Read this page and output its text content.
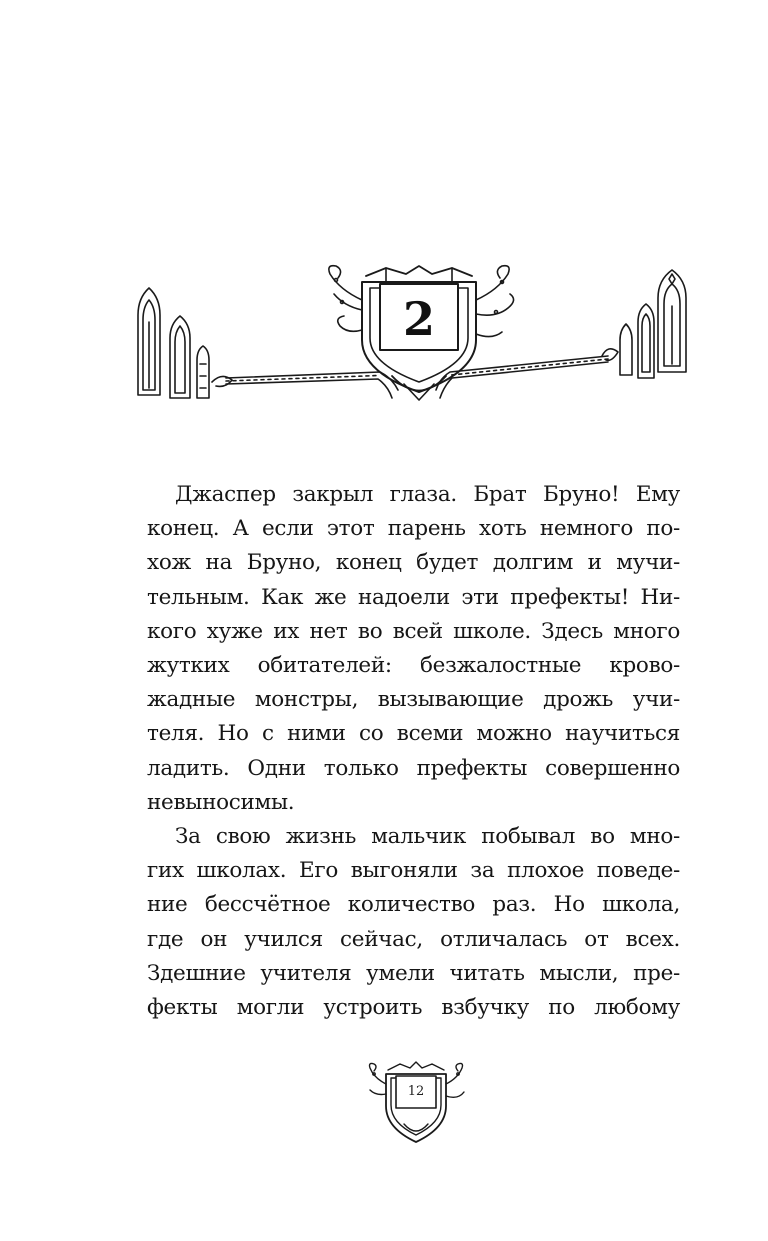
2

Джаспер закрыл глаза. Брат Бруно! Ему
конец. А если этот парень хоть немного по-
хож на Бруно, конец будет долгим и мучи-
тельным. Как же надоели эти префекты! Ни-
кого хуже их нет во всей школе. Здесь много
жутких обитателей: безжалостные крово-
жадные монстры, вызывающие дрожь учи-
теля. Но с ними со всеми можно научиться
ладить. Одни только префекты совершенно
невыносимы.

За свою жизнь мальчик побывал во мно-
гих школах. Его выгоняли за плохое поведе-
ние бессчётное количество раз. Но школа,
где он учился сейчас, отличалась от всех.
Здешние учителя умели читать мысли, пре-
фекты могли устроить взбучку по любому

12
